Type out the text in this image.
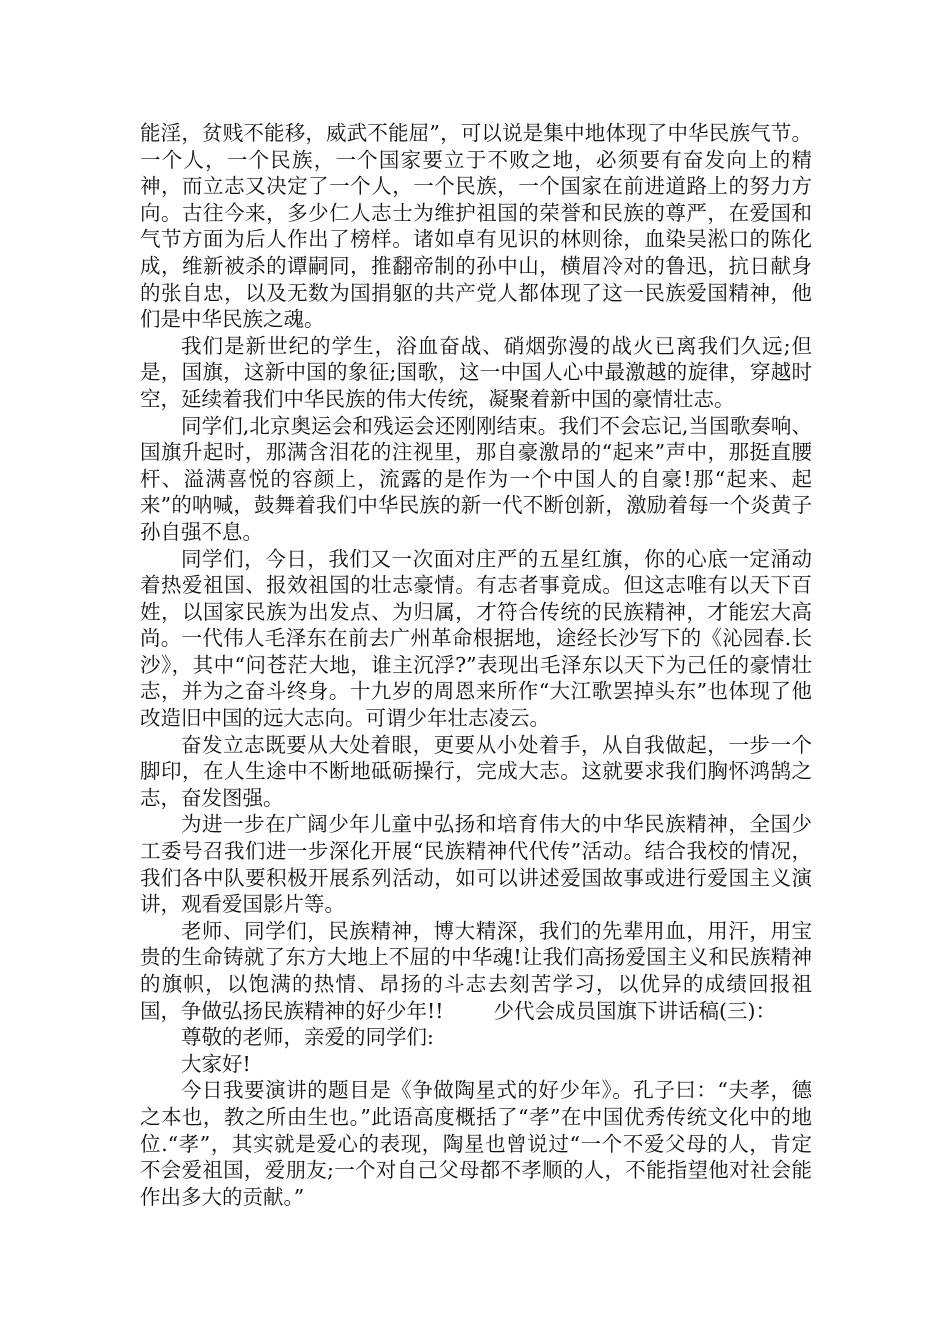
能淫，贫贱不能移，威武不能屈”，可以说是集中地体现了中华民族气节。一个人，一个民族，一个国家要立于不败之地，必须要有奋发向上的精神，而立志又决定了一个人，一个民族，一个国家在前进道路上的努力方向。古往今来，多少仁人志士为维护祖国的荣誉和民族的尊严，在爱国和气节方面为后人作出了榜样。诸如卓有见识的林则徐，血染吴淞口的陈化成，维新被杀的谭嗣同，推翻帝制的孙中山，横眉冷对的鲁迅，抗日献身的张自忠，以及无数为国捐躯的共产党人都体现了这一民族爱国精神，他们是中华民族之魂。

我们是新世纪的学生，浴血奋战、硝烟弥漫的战火已离我们久远;但是，国旗，这新中国的象征;国歌，这一中国人心中最激越的旋律，穿越时空，延续着我们中华民族的伟大传统，凝聚着新中国的豪情壮志。

同学们,北京奥运会和残运会还刚刚结束。我们不会忘记,当国歌奏响、国旗升起时，那满含泪花的注视里，那自豪激昂的“起来”声中，那挺直腰杆、溢满喜悦的容颜上，流露的是作为一个中国人的自豪!那“起来、起来”的呐喊，鼓舞着我们中华民族的新一代不断创新，激励着每一个炎黄子孙自强不息。

同学们，今日，我们又一次面对庄严的五星红旗，你的心底一定涌动着热爱祖国、报效祖国的壮志豪情。有志者事竟成。但这志唯有以天下百姓，以国家民族为出发点、为归属，才符合传统的民族精神，才能宏大高尚。一代伟人毛泽东在前去广州革命根据地，途经长沙写下的《沁园春.长沙》，其中“问苍茫大地，谁主沉浮?”表现出毛泽东以天下为己任的豪情壮志，并为之奋斗终身。十九岁的周恩来所作“大江歌罢掉头东”也体现了他改造旧中国的远大志向。可谓少年壮志凌云。

奋发立志既要从大处着眼，更要从小处着手，从自我做起，一步一个脚印，在人生途中不断地砥砺操行，完成大志。这就要求我们胸怀鸿鹄之志，奋发图强。

为进一步在广阔少年儿童中弘扬和培育伟大的中华民族精神，全国少工委号召我们进一步深化开展“民族精神代代传”活动。结合我校的情况，我们各中队要积极开展系列活动，如可以讲述爱国故事或进行爱国主义演讲，观看爱国影片等。

老师、同学们，民族精神，博大精深，我们的先辈用血，用汗，用宝贵的生命铸就了东方大地上不屈的中华魂!让我们高扬爱国主义和民族精神的旗帜，以饱满的热情、昂扬的斗志去刻苦学习，以优异的成绩回报祖国，争做弘扬民族精神的好少年!! 少代会成员国旗下讲话稿(三)：

尊敬的老师，亲爱的同学们:

大家好!

今日我要演讲的题目是《争做陶星式的好少年》。孔子曰：“夫孝，德之本也，教之所由生也。”此语高度概括了“孝”在中国优秀传统文化中的地位.“孝”，其实就是爱心的表现，陶星也曾说过“一个不爱父母的人，肯定不会爱祖国，爱朋友;一个对自己父母都不孝顺的人，不能指望他对社会能作出多大的贡献。”
